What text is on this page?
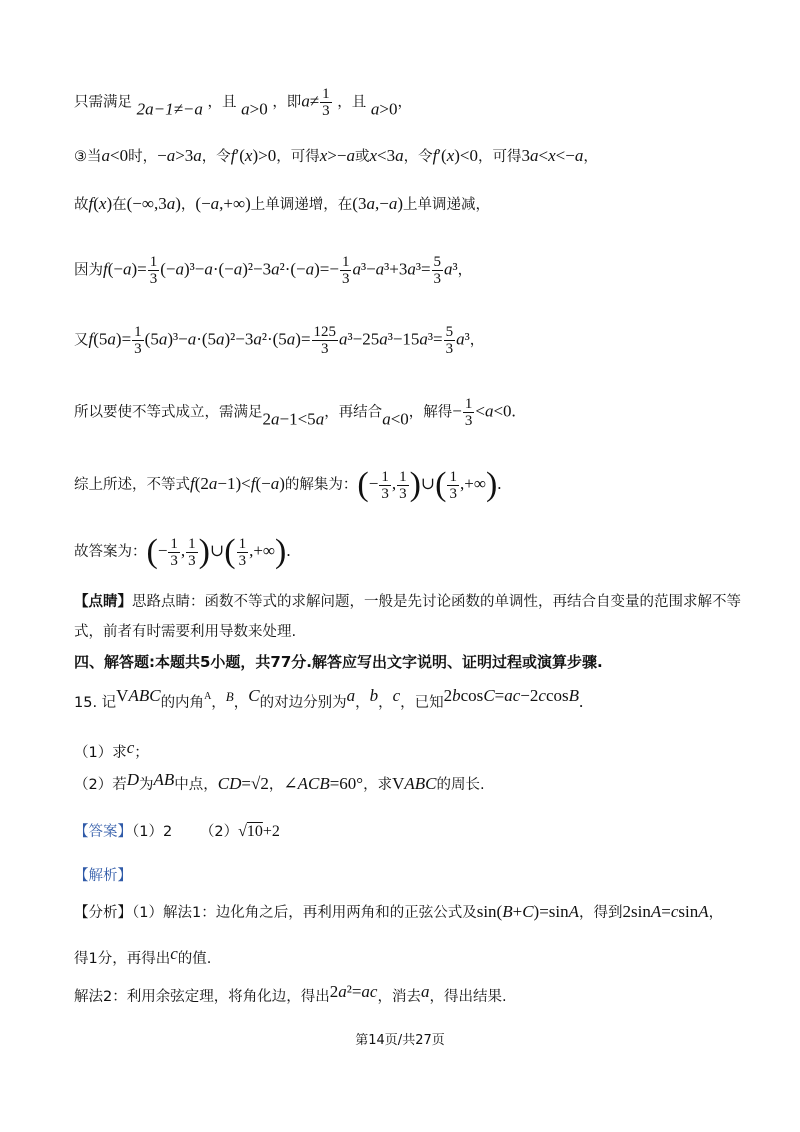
只需满足 2a−1≠−a ，且 a>0 ，即$a\ne \frac{1}{3}$ ，且 a>0，
③当a<0时，−a>3a，令f′(x)>0，可得x>−a或x<3a，令f′(x)<0，可得3a<x<−a，
故f(x)在(−∞,3a)，(−a,+∞)上单调递增，在(3a,−a)上单调递减，
因为$f(-a)= \frac{1}{3} (-a)^3-a\cdot(-a)^2-3a^2\cdot(-a)=- \frac{1}{3} a^3-a^3+3a^3= \frac{5}{3} a^3$，
又$f(5a)= \frac{1}{3} (5a)^3-a\cdot(5a)^2-3a^2\cdot(5a)= \frac{125}{3} a^3-25a^3-15a^3= \frac{5}{3} a^3$，
所以要使不等式成立，需满足2a−1<5a，再结合a<0，解得− $\frac{1}{3} <a<0$.
综上所述，不等式f(2a−1)<f(−a)的解集为：(− $\frac{1}{3}$ , $\frac{1}{3}$ )∪( $\frac{1}{3}$ ,+∞).
故答案为：(− $\frac{1}{3}$ , $\frac{1}{3}$ )∪( $\frac{1}{3}$ ,+∞).
【点睛】思路点睛：函数不等式的求解问题，一般是先讨论函数的单调性，再结合自变量的范围求解不等
式，前者有时需要利用导数来处理.
四、解答题:本题共5小题，共77分.解答应写出文字说明、证明过程或演算步骤.
15. 记VABC的内角$^A$，B，C的对边分别为a，b，c，已知2bcosC=ac−2ccosB.
（1）求c；
（2）若D为AB中点，CD=√2，∠ACB=60°，求VABC的周长.
【答案】（1）2      （2）√10+2
【解析】
【分析】（1）解法1：边化角之后，再利用两角和的正弦公式及sin(B+C)=sinA，得到2sinA=csinA，
得1分，再得出c的值.
解法2：利用余弦定理，将角化边，得出2a²=ac，消去a，得出结果.
第14页/共27页
